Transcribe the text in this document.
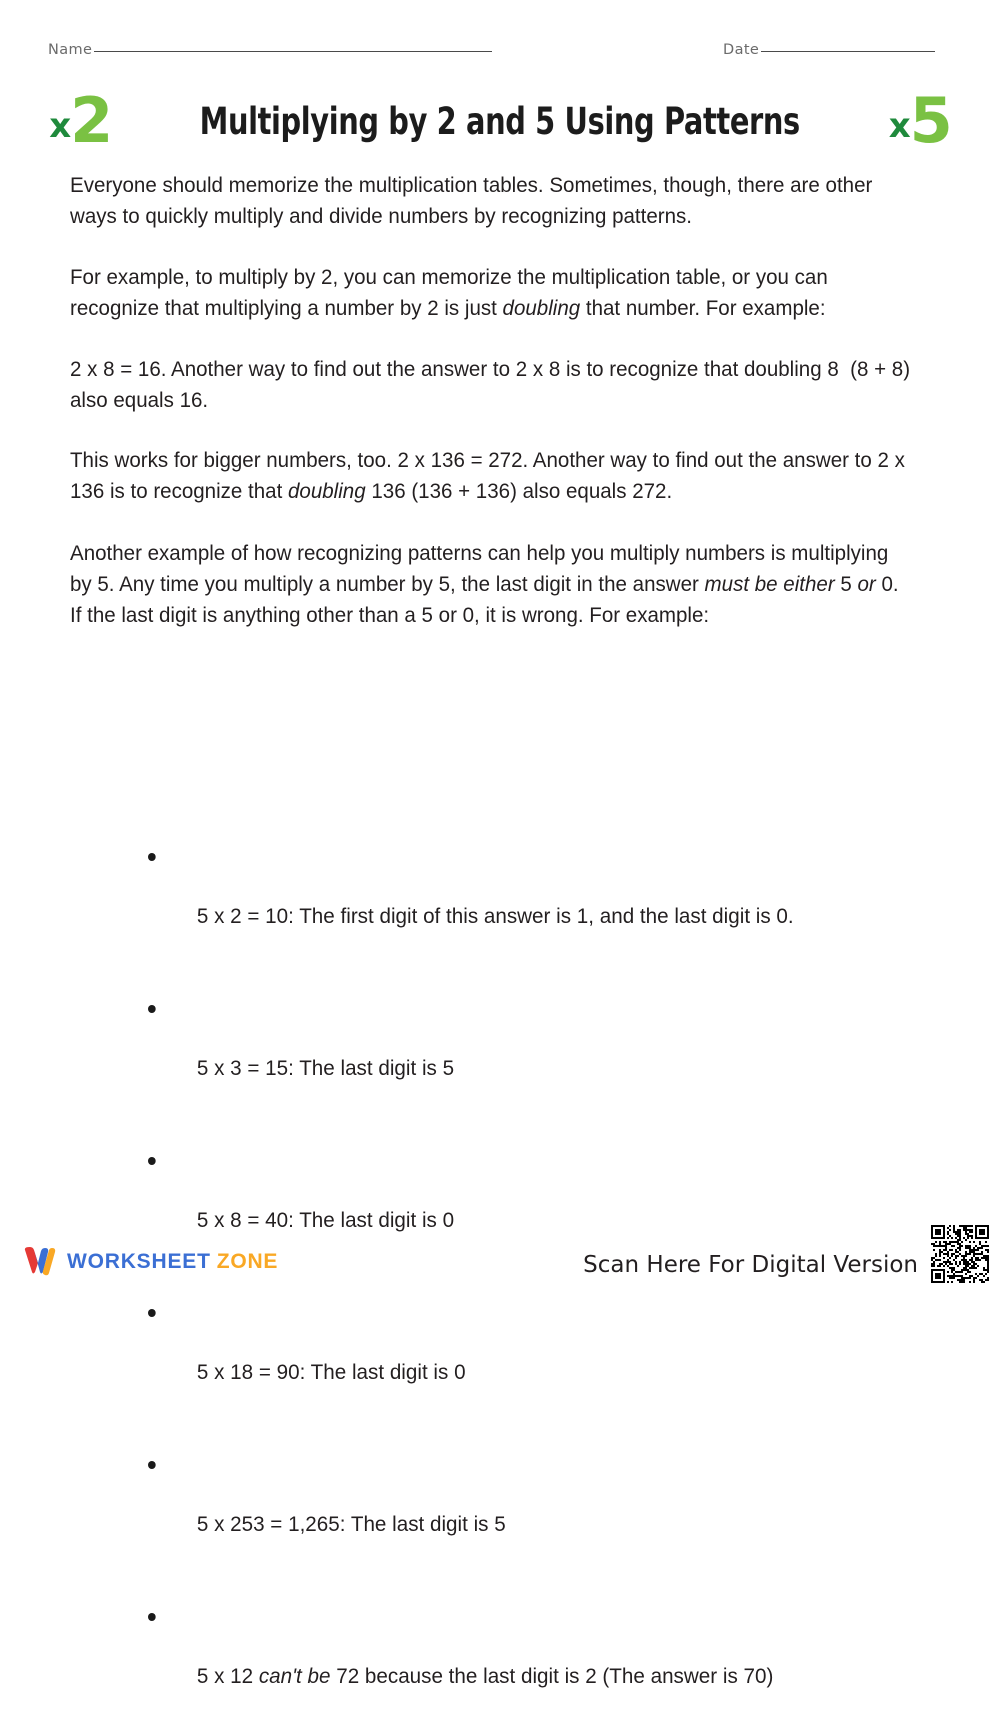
Name	Date
x 2 Multiplying by 2 and 5 Using Patterns	x 5

Everyone should memorize the multiplication tables. Sometimes, though, there are other ways to quickly multiply and divide numbers by recognizing patterns.

For example, to multiply by 2, you can memorize the multiplication table, or you can recognize that multiplying a number by 2 is just doubling that number. For example:

2 x 8 = 16. Another way to find out the answer to 2 x 8 is to recognize that doubling 8  (8 + 8) also equals 16.

This works for bigger numbers, too. 2 x 136 = 272. Another way to find out the answer to 2 x 136 is to recognize that doubling 136 (136 + 136) also equals 272.

Another example of how recognizing patterns can help you multiply numbers is multiplying by 5. Any time you multiply a number by 5, the last digit in the answer must be either 5 or 0. If the last digit is anything other than a 5 or 0, it is wrong. For example:

5 x 2 = 10: The first digit of this answer is 1, and the last digit is 0.

5 x 3 = 15: The last digit is 5

5 x 8 = 40: The last digit is 0

5 x 18 = 90: The last digit is 0

5 x 253 = 1,265: The last digit is 5

5 x 12 can't be 72 because the last digit is 2 (The answer is 70)

WORKSHEET ZONE	Scan Here For Digital Version
